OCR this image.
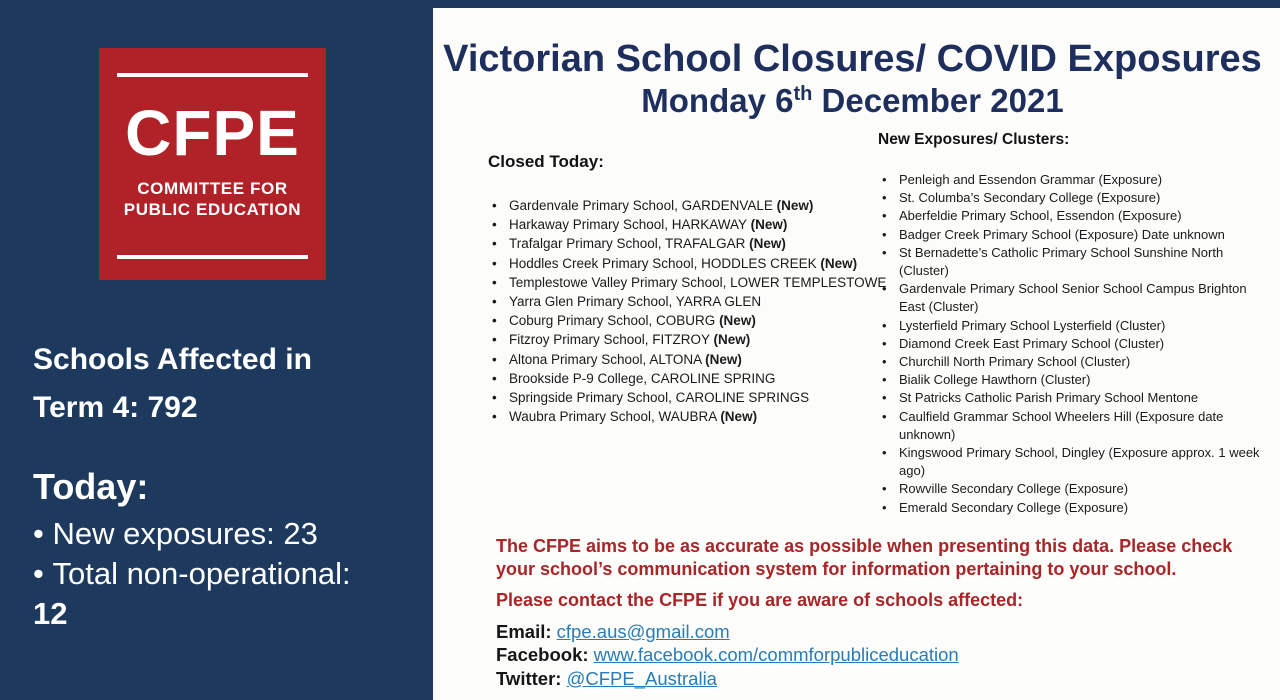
CFPE
COMMITTEE FOR
PUBLIC EDUCATION
Schools Affected in
Term 4: 792
Today:
• New exposures: 23
• Total non-operational: 12
Victorian School Closures/ COVID Exposures
Monday 6th December 2021

Closed Today:

• Gardenvale Primary School, GARDENVALE (New)
• Harkaway Primary School, HARKAWAY (New)
• Trafalgar Primary School, TRAFALGAR (New)
• Hoddles Creek Primary School, HODDLES CREEK (New)
• Templestowe Valley Primary School, LOWER TEMPLESTOWE
• Yarra Glen Primary School, YARRA GLEN
• Coburg Primary School, COBURG (New)
• Fitzroy Primary School, FITZROY (New)
• Altona Primary School, ALTONA (New)
• Brookside P-9 College, CAROLINE SPRING
• Springside Primary School, CAROLINE SPRINGS
• Waubra Primary School, WAUBRA (New)

New Exposures/ Clusters:

• Penleigh and Essendon Grammar (Exposure)
• St. Columba’s Secondary College (Exposure)
• Aberfeldie Primary School, Essendon (Exposure)
• Badger Creek Primary School (Exposure) Date unknown
• St Bernadette’s Catholic Primary School Sunshine North (Cluster)
• Gardenvale Primary School Senior School Campus Brighton East (Cluster)
• Lysterfield Primary School Lysterfield (Cluster)
• Diamond Creek East Primary School (Cluster)
• Churchill North Primary School (Cluster)
• Bialik College Hawthorn (Cluster)
• St Patricks Catholic Parish Primary School Mentone
• Caulfield Grammar School Wheelers Hill (Exposure date unknown)
• Kingswood Primary School, Dingley (Exposure approx. 1 week ago)
• Rowville Secondary College (Exposure)
• Emerald Secondary College (Exposure)

The CFPE aims to be as accurate as possible when presenting this data. Please check your school’s communication system for information pertaining to your school.

Please contact the CFPE if you are aware of schools affected:

Email: cfpe.aus@gmail.com
Facebook: www.facebook.com/commforpubliceducation
Twitter: @CFPE_Australia
